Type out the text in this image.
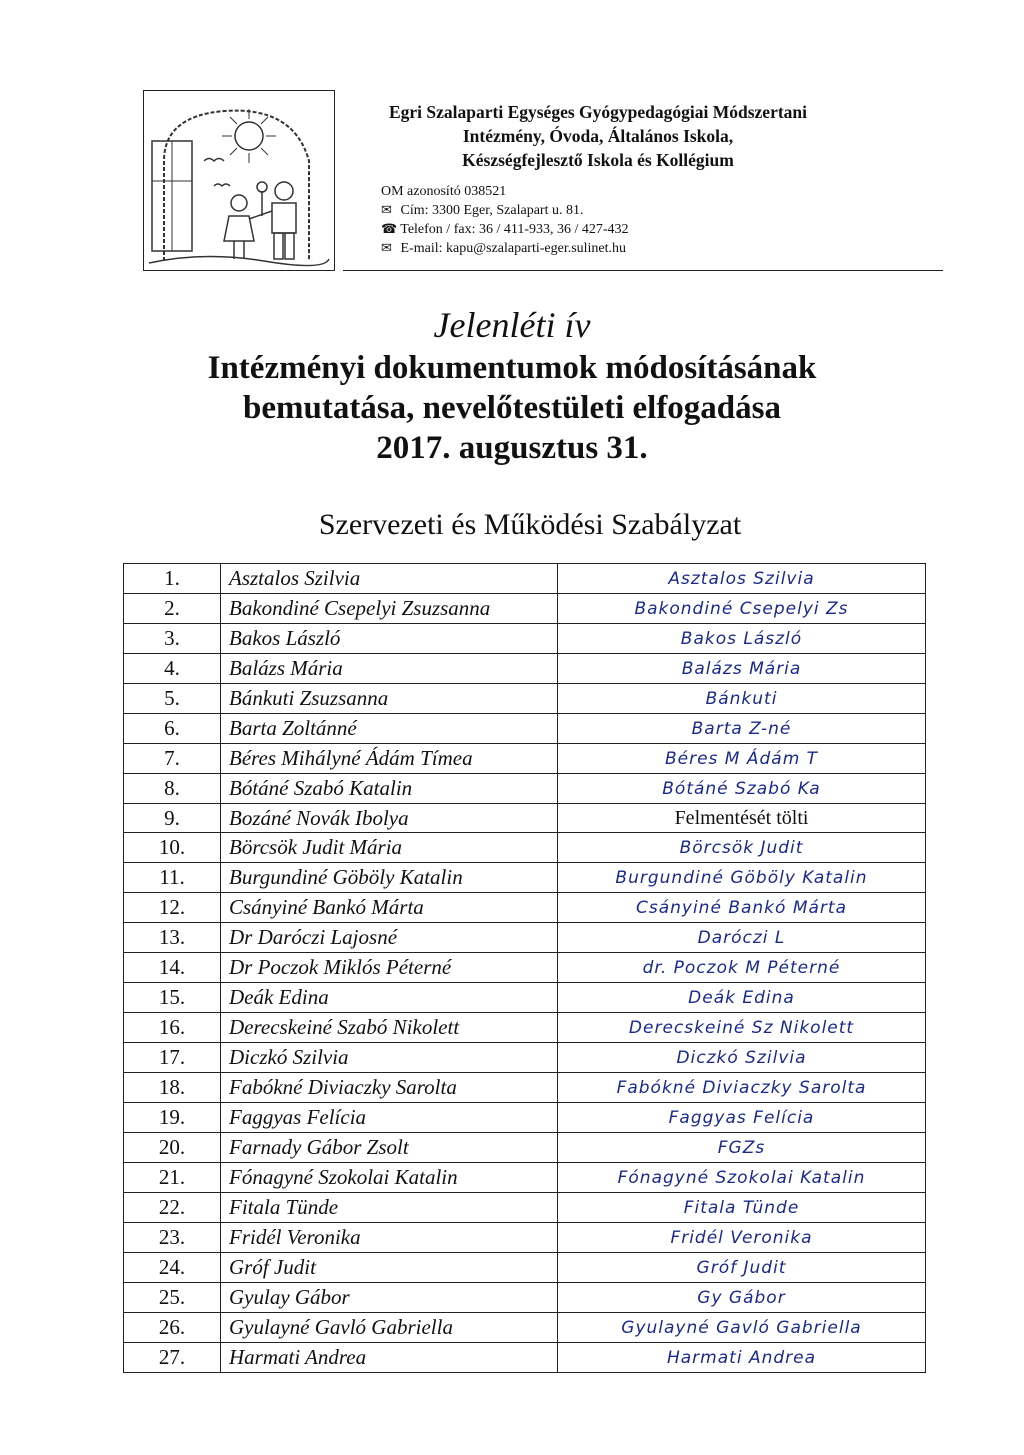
Egri Szalaparti Egységes Gyógypedagógiai Módszertani
Intézmény, Óvoda, Általános Iskola,
Készségfejlesztő Iskola és Kollégium
OM azonosító 038521
✉ Cím: 3300 Eger, Szalapart u. 81.
☎ Telefon / fax: 36 / 411-933, 36 / 427-432
✉ E-mail: kapu@szalaparti-eger.sulinet.hu
Jelenléti ív
Intézményi dokumentumok módosításának
bemutatása, nevelőtestületi elfogadása
2017. augusztus 31.
Szervezeti és Működési Szabályzat
1.	Asztalos Szilvia	Asztalos Szilvia
2.	Bakondiné Csepelyi Zsuzsanna	Bakondiné Csepelyi Zs
3.	Bakos László	Bakos László
4.	Balázs Mária	Balázs Mária
5.	Bánkuti Zsuzsanna	Bánkuti
6.	Barta Zoltánné	Barta Z-né
7.	Béres Mihályné Ádám Tímea	Béres M Ádám T
8.	Bótáné Szabó Katalin	Bótáné Szabó Ka
9.	Bozáné Novák Ibolya	Felmentését tölti
10.	Börcsök Judit Mária	Börcsök Judit
11.	Burgundiné Göböly Katalin	Burgundiné Göböly Katalin
12.	Csányiné Bankó Márta	Csányiné Bankó Márta
13.	Dr Daróczi Lajosné	Daróczi L
14.	Dr Poczok Miklós Péterné	dr. Poczok M Péterné
15.	Deák Edina	Deák Edina
16.	Derecskeiné Szabó Nikolett	Derecskeiné Sz Nikolett
17.	Diczkó Szilvia	Diczkó Szilvia
18.	Fabókné Diviaczky Sarolta	Fabókné Diviaczky Sarolta
19.	Faggyas Felícia	Faggyas Felícia
20.	Farnady Gábor Zsolt	FGZs
21.	Fónagyné Szokolai Katalin	Fónagyné Szokolai Katalin
22.	Fitala Tünde	Fitala Tünde
23.	Fridél Veronika	Fridél Veronika
24.	Gróf Judit	Gróf Judit
25.	Gyulay Gábor	Gy Gábor
26.	Gyulayné Gavló Gabriella	Gyulayné Gavló Gabriella
27.	Harmati Andrea	Harmati Andrea
